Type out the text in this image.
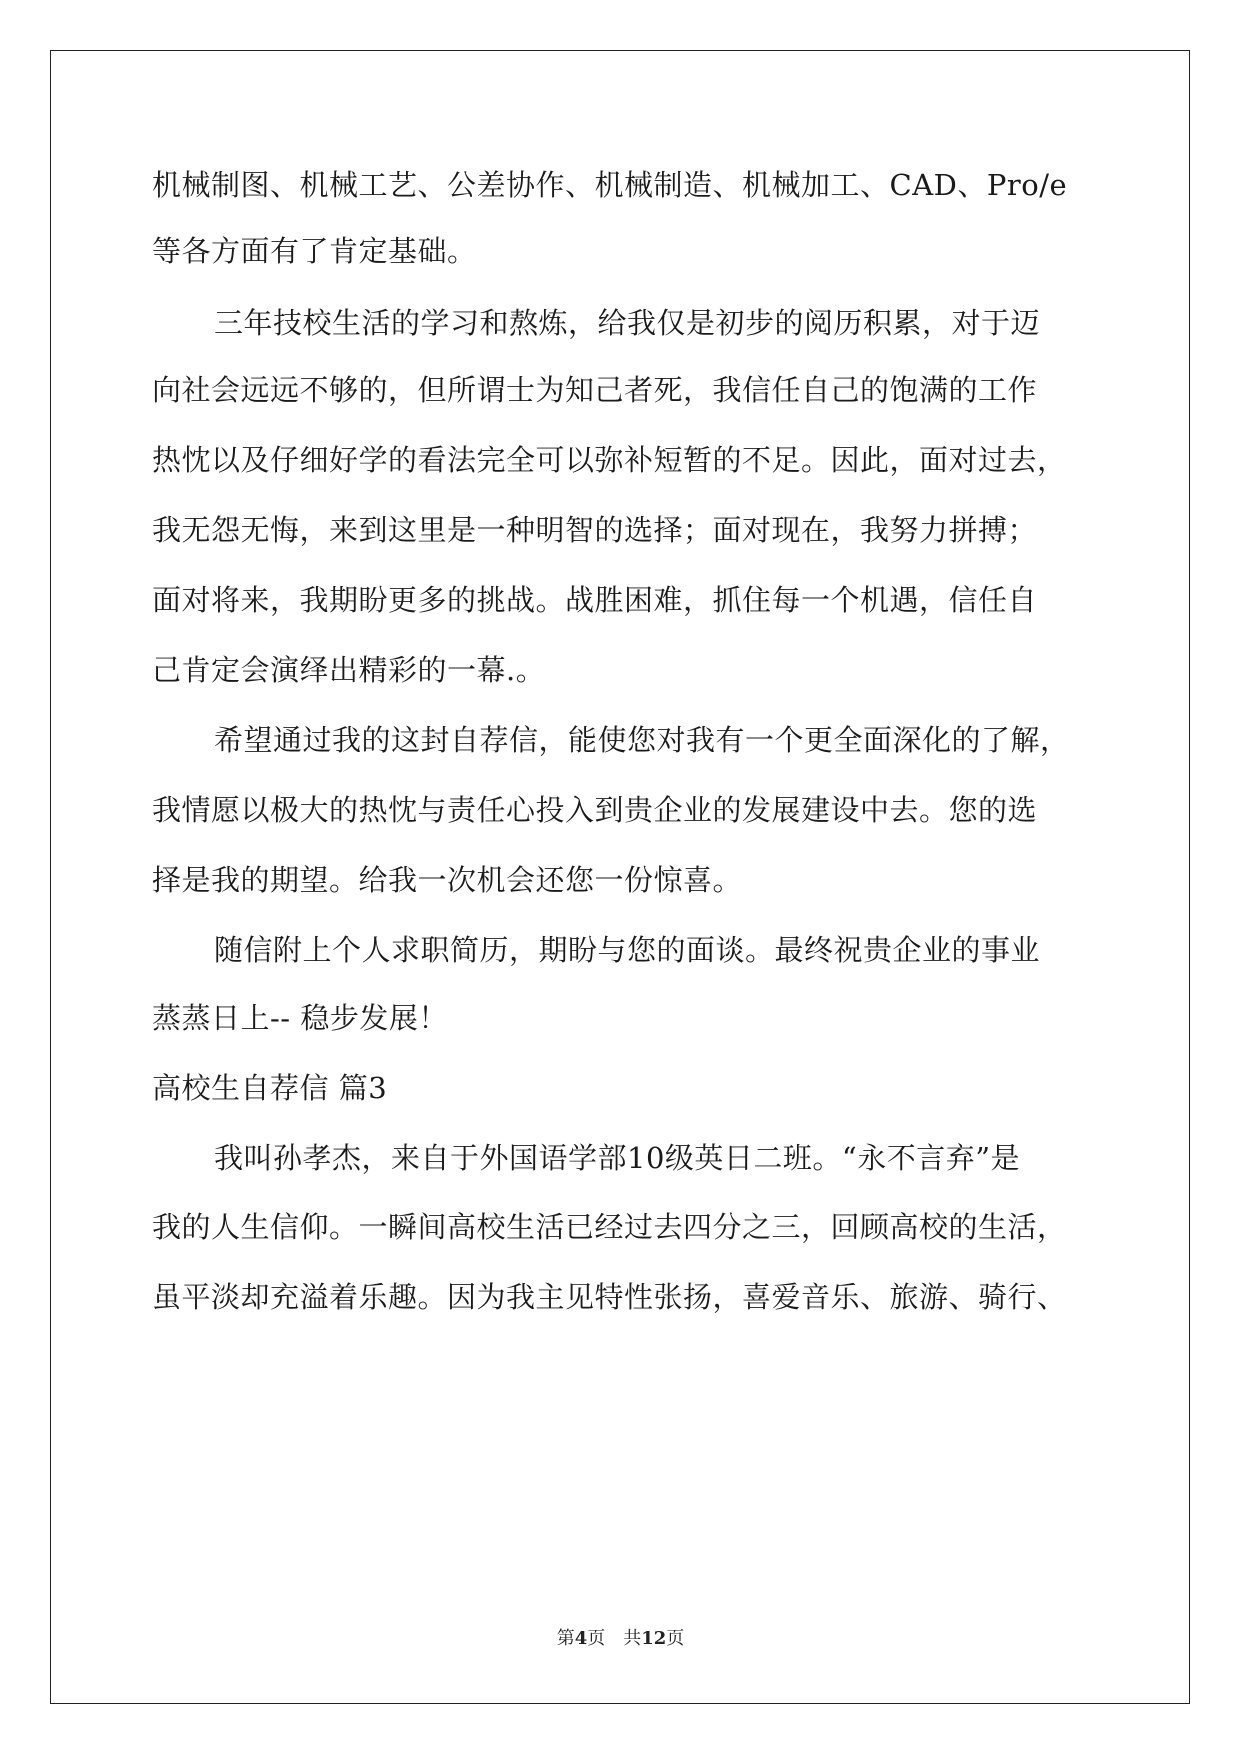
机械制图、机械工艺、公差协作、机械制造、机械加工、CAD、Pro/e
等各方面有了肯定基础。
三年技校生活的学习和熬炼，给我仅是初步的阅历积累，对于迈
向社会远远不够的，但所谓士为知己者死，我信任自己的饱满的工作
热忱以及仔细好学的看法完全可以弥补短暂的不足。因此，面对过去，
我无怨无悔，来到这里是一种明智的选择；面对现在，我努力拼搏；
面对将来，我期盼更多的挑战。战胜困难，抓住每一个机遇，信任自
己肯定会演绎出精彩的一幕.。
希望通过我的这封自荐信，能使您对我有一个更全面深化的了解，
我情愿以极大的热忱与责任心投入到贵企业的发展建设中去。您的选
择是我的期望。给我一次机会还您一份惊喜。
随信附上个人求职简历，期盼与您的面谈。最终祝贵企业的事业
蒸蒸日上-- 稳步发展！
高校生自荐信 篇3
我叫孙孝杰，来自于外国语学部10级英日二班。“永不言弃”是
我的人生信仰。一瞬间高校生活已经过去四分之三，回顾高校的生活，
虽平淡却充溢着乐趣。因为我主见特性张扬，喜爱音乐、旅游、骑行、
第4页 共12页
